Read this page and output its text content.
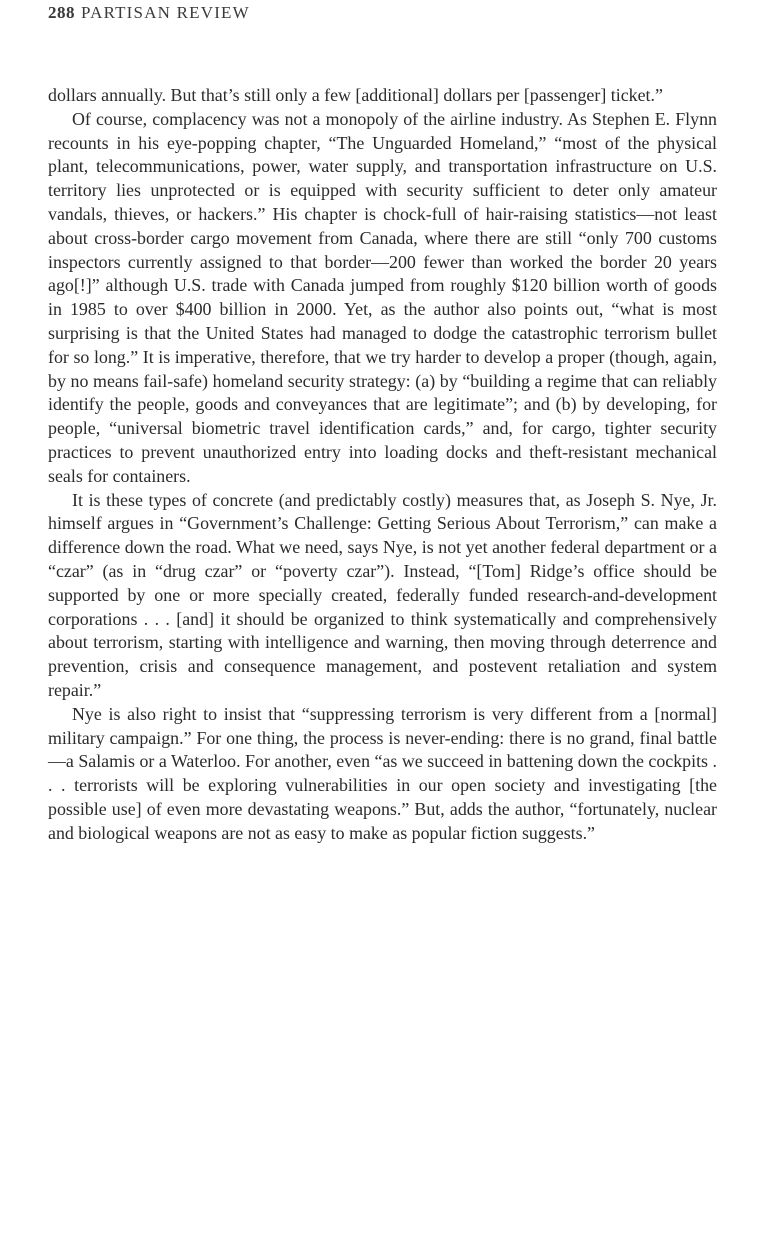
288 PARTISAN REVIEW

dollars annually. But that’s still only a few [additional] dollars per [passenger] ticket.”

Of course, complacency was not a monopoly of the airline industry. As Stephen E. Flynn recounts in his eye-popping chapter, “The Unguarded Homeland,” “most of the physical plant, telecommunications, power, water supply, and transportation infrastructure on U.S. territory lies unprotected or is equipped with security sufficient to deter only amateur vandals, thieves, or hackers.” His chapter is chock-full of hair-raising statistics—not least about cross-border cargo movement from Canada, where there are still “only 700 customs inspectors currently assigned to that border—200 fewer than worked the border 20 years ago[!]” although U.S. trade with Canada jumped from roughly $120 billion worth of goods in 1985 to over $400 billion in 2000. Yet, as the author also points out, “what is most surprising is that the United States had managed to dodge the catastrophic terrorism bullet for so long.” It is imperative, therefore, that we try harder to develop a proper (though, again, by no means fail-safe) homeland security strategy: (a) by “building a regime that can reliably identify the people, goods and conveyances that are legitimate”; and (b) by developing, for people, “universal biometric travel identification cards,” and, for cargo, tighter security practices to prevent unauthorized entry into loading docks and theft-resistant mechanical seals for containers.

It is these types of concrete (and predictably costly) measures that, as Joseph S. Nye, Jr. himself argues in “Government’s Challenge: Getting Serious About Terrorism,” can make a difference down the road. What we need, says Nye, is not yet another federal department or a “czar” (as in “drug czar” or “poverty czar”). Instead, “[Tom] Ridge’s office should be supported by one or more specially created, federally funded research-and-development corporations . . . [and] it should be organized to think systematically and comprehensively about terrorism, starting with intelligence and warning, then moving through deterrence and prevention, crisis and consequence management, and postevent retaliation and system repair.”

Nye is also right to insist that “suppressing terrorism is very different from a [normal] military campaign.” For one thing, the process is never-ending: there is no grand, final battle—a Salamis or a Waterloo. For another, even “as we succeed in battening down the cockpits . . . terrorists will be exploring vulnerabilities in our open society and investigating [the possible use] of even more devastating weapons.” But, adds the author, “fortunately, nuclear and biological weapons are not as easy to make as popular fiction suggests.”
